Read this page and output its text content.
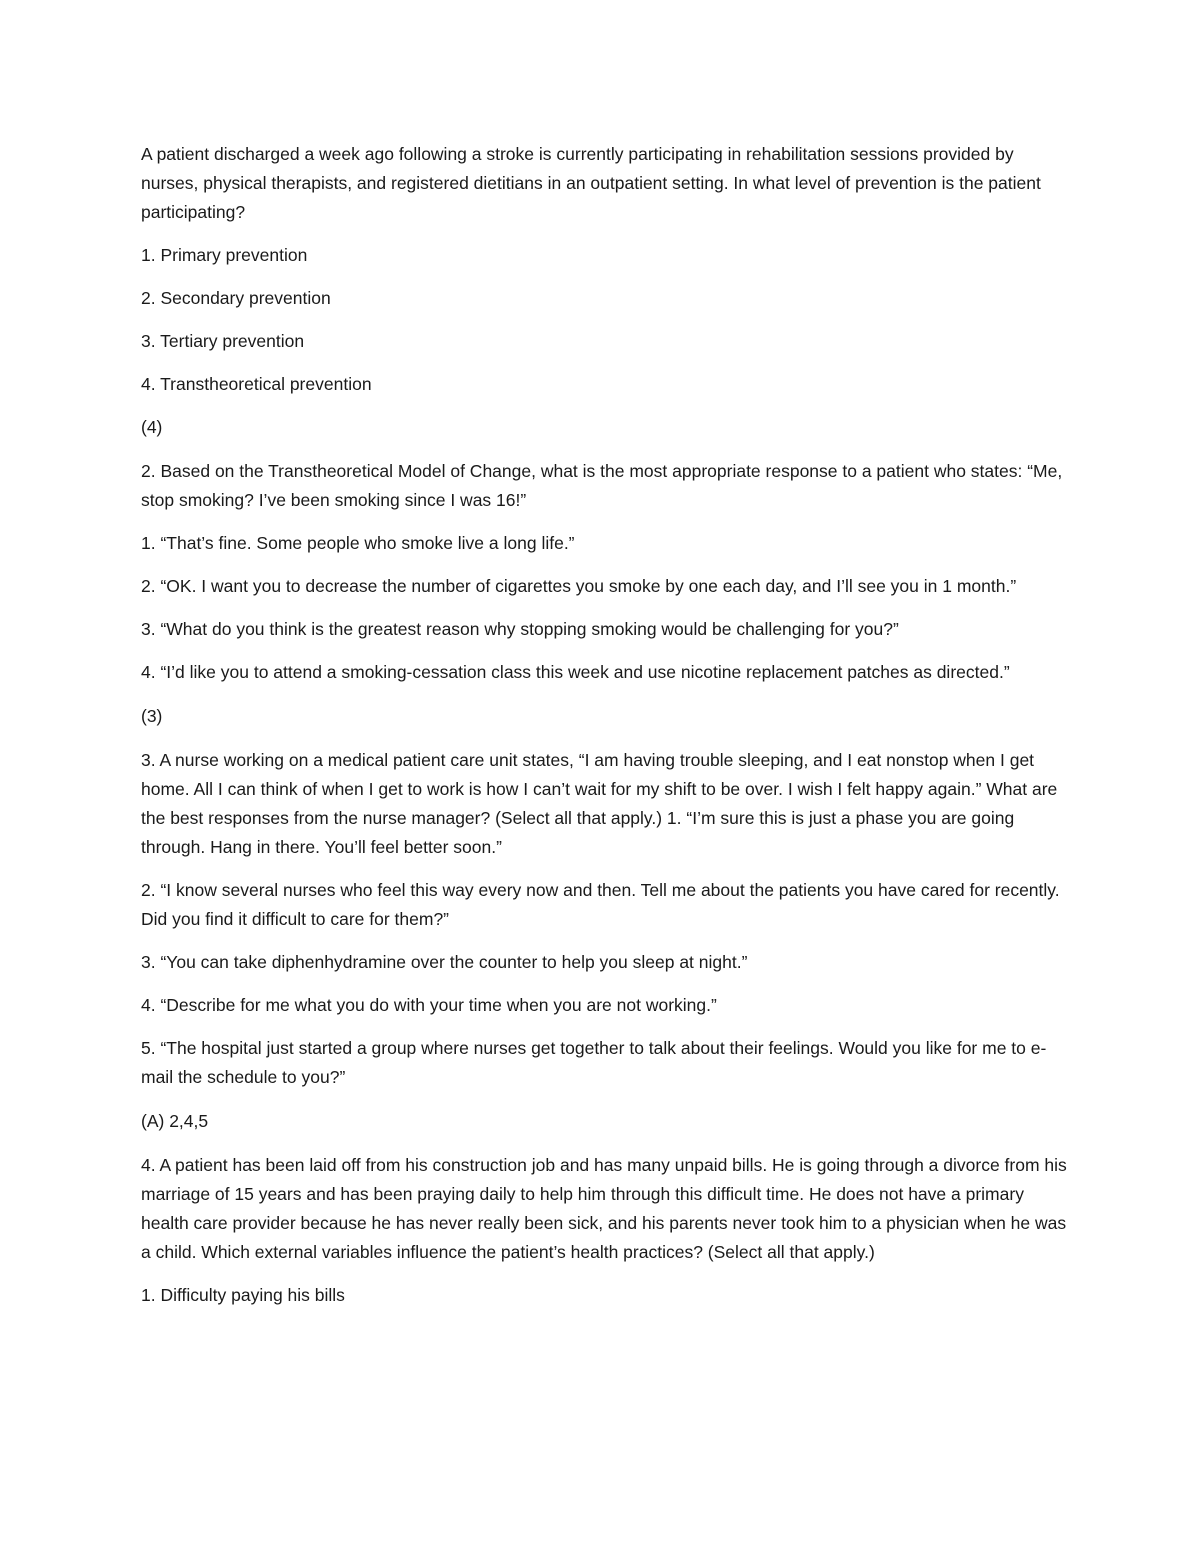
A patient discharged a week ago following a stroke is currently participating in rehabilitation sessions provided by nurses, physical therapists, and registered dietitians in an outpatient setting. In what level of prevention is the patient participating?

1. Primary prevention

2. Secondary prevention

3. Tertiary prevention

4. Transtheoretical prevention

(4)

2. Based on the Transtheoretical Model of Change, what is the most appropriate response to a patient who states: “Me, stop smoking? I’ve been smoking since I was 16!”

1. “That’s fine. Some people who smoke live a long life.”

2. “OK. I want you to decrease the number of cigarettes you smoke by one each day, and I’ll see you in 1 month.”

3. “What do you think is the greatest reason why stopping smoking would be challenging for you?”

4. “I’d like you to attend a smoking-cessation class this week and use nicotine replacement patches as directed.”

(3)

3. A nurse working on a medical patient care unit states, “I am having trouble sleeping, and I eat nonstop when I get home. All I can think of when I get to work is how I can’t wait for my shift to be over. I wish I felt happy again.” What are the best responses from the nurse manager? (Select all that apply.) 1. “I’m sure this is just a phase you are going through. Hang in there. You’ll feel better soon.”

2. “I know several nurses who feel this way every now and then. Tell me about the patients you have cared for recently. Did you find it difficult to care for them?”

3. “You can take diphenhydramine over the counter to help you sleep at night.”

4. “Describe for me what you do with your time when you are not working.”

5. “The hospital just started a group where nurses get together to talk about their feelings. Would you like for me to e-mail the schedule to you?”

(A) 2,4,5

4. A patient has been laid off from his construction job and has many unpaid bills. He is going through a divorce from his marriage of 15 years and has been praying daily to help him through this difficult time. He does not have a primary health care provider because he has never really been sick, and his parents never took him to a physician when he was a child. Which external variables influence the patient’s health practices? (Select all that apply.)

1. Difficulty paying his bills
